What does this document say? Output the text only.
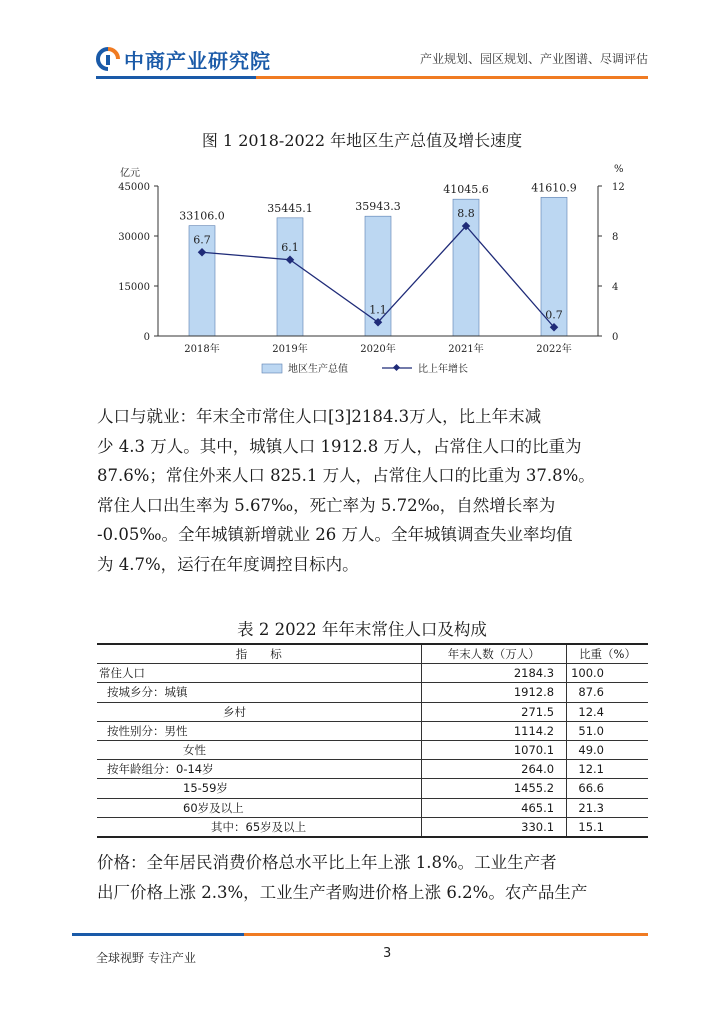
中商产业研究院	产业规划、园区规划、产业图谱、尽调评估
图 1 2018-2022 年地区生产总值及增长速度
33106.0
35445.1	35943.3
41045.6	41610.9
6.7
6.1
1.1
8.8
0.7
0
15000
30000
45000
0
4
8
12
亿元	%
2018年	2019年	2020年	2021年	2022年
地区生产总值	比上年增长
人口与就业：年末全市常住人口[3]2184.3万人，比上年末减
少 4.3 万人。其中，城镇人口 1912.8 万人，占常住人口的比重为
87.6%；常住外来人口 825.1 万人，占常住人口的比重为 37.8%。
常住人口出生率为 5.67‰，死亡率为 5.72‰，自然增长率为
-0.05‰。全年城镇新增就业 26 万人。全年城镇调查失业率均值
为 4.7%，运行在年度调控目标内。
表 2 2022 年年末常住人口及构成
指　　标	年末人数（万人）	比重（%）
常住人口	2184.3	100.0
按城乡分：城镇	1912.8	87.6
乡村	271.5	12.4
按性别分：男性	1114.2	51.0
女性	1070.1	49.0
按年龄组分：0-14岁	264.0	12.1
15-59岁	1455.2	66.6
60岁及以上	465.1	21.3
其中：65岁及以上	330.1	15.1
价格：全年居民消费价格总水平比上年上涨 1.8%。工业生产者
出厂价格上涨 2.3%，工业生产者购进价格上涨 6.2%。农产品生产
全球视野 专注产业	3
